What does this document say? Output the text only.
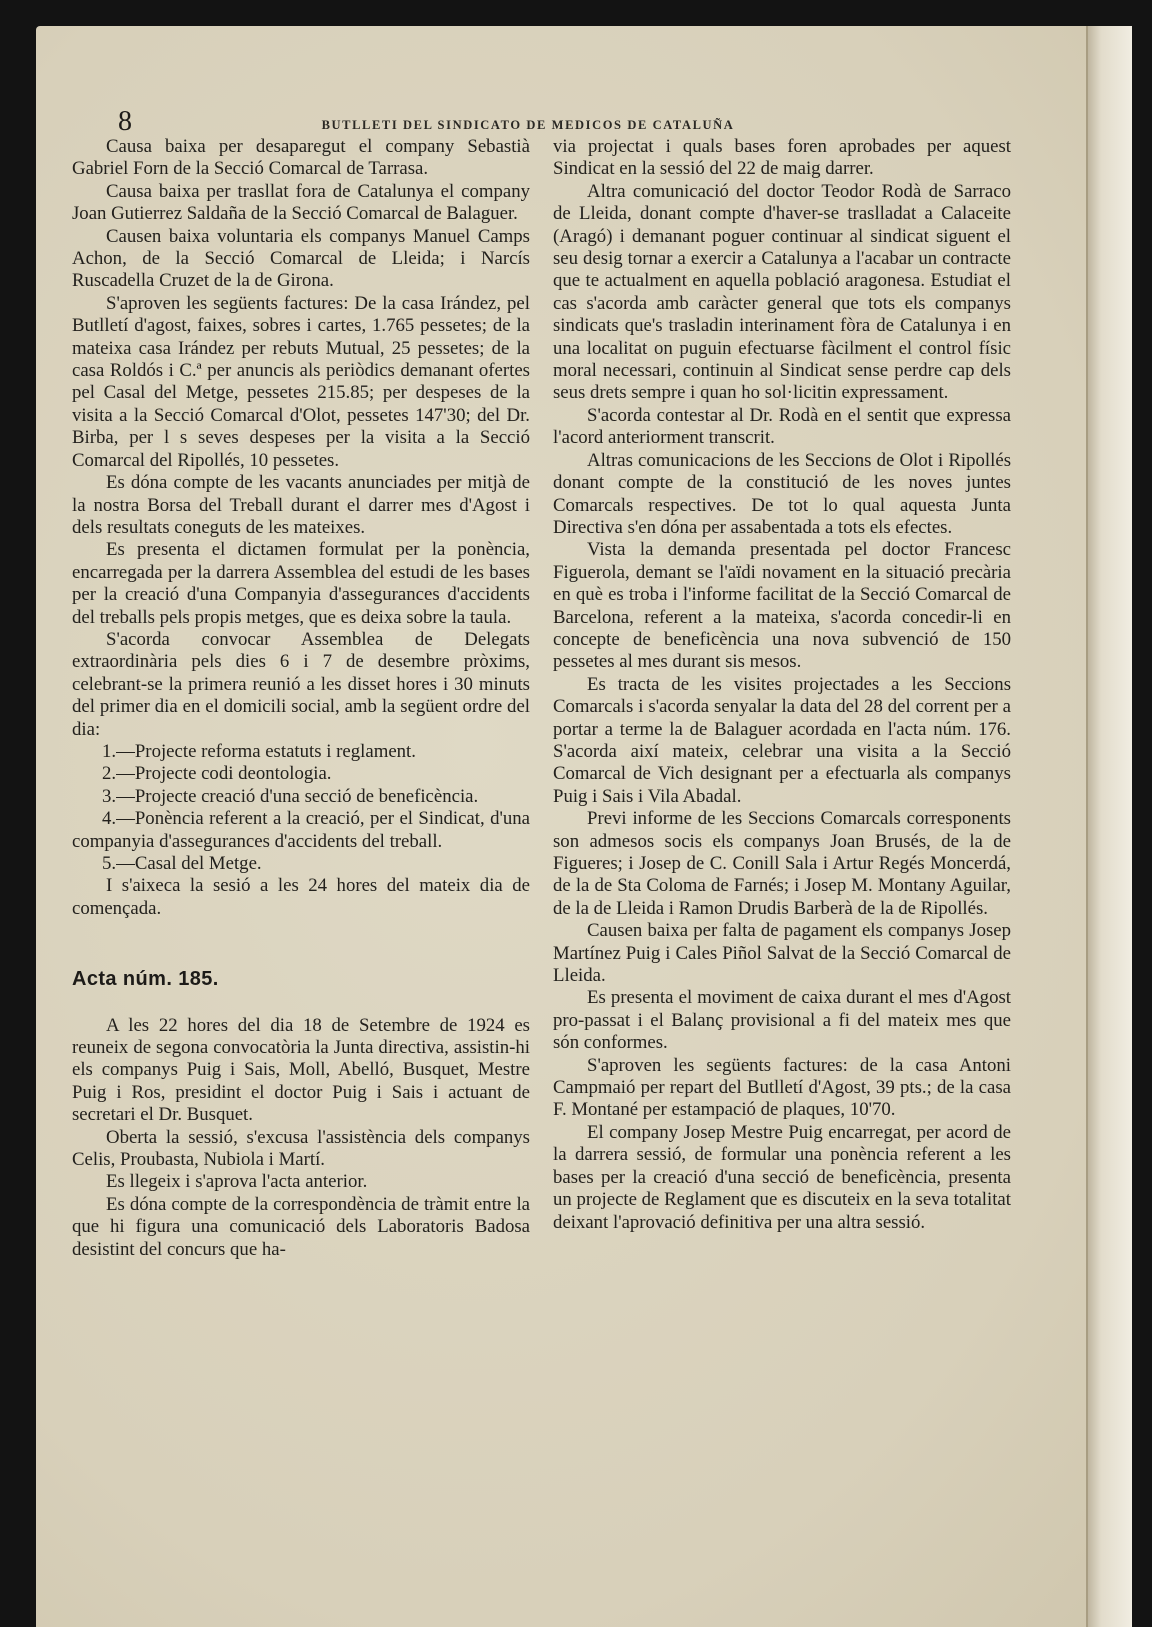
8	BUTLLETI DEL SINDICATO DE MEDICOS DE CATALUÑA

Causa baixa per desaparegut el company Sebastià Gabriel Forn de la Secció Comarcal de Tarrasa.

Causa baixa per trasllat fora de Catalunya el company Joan Gutierrez Saldaña de la Secció Comarcal de Balaguer.

Causen baixa voluntaria els companys Manuel Camps Achon, de la Secció Comarcal de Lleida; i Narcís Ruscadella Cruzet de la de Girona.

S'aproven les següents factures: De la casa Irández, pel Butlletí d'agost, faixes, sobres i cartes, 1.765 pessetes; de la mateixa casa Irández per rebuts Mutual, 25 pessetes; de la casa Roldós i C.ª per anuncis als periòdics demanant ofertes pel Casal del Metge, pessetes 215.85; per despeses de la visita a la Secció Comarcal d'Olot, pessetes 147'30; del Dr. Birba, per l s seves despeses per la visita a la Secció Comarcal del Ripollés, 10 pessetes.

Es dóna compte de les vacants anunciades per mitjà de la nostra Borsa del Treball durant el darrer mes d'Agost i dels resultats coneguts de les mateixes.

Es presenta el dictamen formulat per la ponència, encarregada per la darrera Assemblea del estudi de les bases per la creació d'una Companyia d'assegurances d'accidents del treballs pels propis metges, que es deixa sobre la taula.

S'acorda convocar Assemblea de Delegats extraordinària pels dies 6 i 7 de desembre pròxims, celebrant-se la primera reunió a les disset hores i 30 minuts del primer dia en el domicili social, amb la següent ordre del dia:

1.—Projecte reforma estatuts i reglament.

2.—Projecte codi deontologia.

3.—Projecte creació d'una secció de beneficència.

4.—Ponència referent a la creació, per el Sindicat, d'una companyia d'assegurances d'accidents del treball.

5.—Casal del Metge.

I s'aixeca la sesió a les 24 hores del mateix dia de començada.

Acta núm. 185.

A les 22 hores del dia 18 de Setembre de 1924 es reuneix de segona convocatòria la Junta directiva, assistin-hi els companys Puig i Sais, Moll, Abelló, Busquet, Mestre Puig i Ros, presidint el doctor Puig i Sais i actuant de secretari el Dr. Busquet.

Oberta la sessió, s'excusa l'assistència dels companys Celis, Proubasta, Nubiola i Martí.

Es llegeix i s'aprova l'acta anterior.

Es dóna compte de la correspondència de tràmit entre la que hi figura una comunicació dels Laboratoris Badosa desistint del concurs que ha-

via projectat i quals bases foren aprobades per aquest Sindicat en la sessió del 22 de maig darrer.

Altra comunicació del doctor Teodor Rodà de Sarraco de Lleida, donant compte d'haver-se traslladat a Calaceite (Aragó) i demanant poguer continuar al sindicat siguent el seu desig tornar a exercir a Catalunya a l'acabar un contracte que te actualment en aquella població aragonesa. Estudiat el cas s'acorda amb caràcter general que tots els companys sindicats que's trasladin interinament fòra de Catalunya i en una localitat on puguin efectuarse fàcilment el control físic moral necessari, continuin al Sindicat sense perdre cap dels seus drets sempre i quan ho sol·licitin expressament.

S'acorda contestar al Dr. Rodà en el sentit que expressa l'acord anteriorment transcrit.

Altras comunicacions de les Seccions de Olot i Ripollés donant compte de la constitució de les noves juntes Comarcals respectives. De tot lo qual aquesta Junta Directiva s'en dóna per assabentada a tots els efectes.

Vista la demanda presentada pel doctor Francesc Figuerola, demant se l'aïdi novament en la situació precària en què es troba i l'informe facilitat de la Secció Comarcal de Barcelona, referent a la mateixa, s'acorda concedir-li en concepte de beneficència una nova subvenció de 150 pessetes al mes durant sis mesos.

Es tracta de les visites projectades a les Seccions Comarcals i s'acorda senyalar la data del 28 del corrent per a portar a terme la de Balaguer acordada en l'acta núm. 176. S'acorda així mateix, celebrar una visita a la Secció Comarcal de Vich designant per a efectuarla als companys Puig i Sais i Vila Abadal.

Previ informe de les Seccions Comarcals corresponents son admesos socis els companys Joan Brusés, de la de Figueres; i Josep de C. Conill Sala i Artur Regés Moncerdá, de la de Sta Coloma de Farnés; i Josep M. Montany Aguilar, de la de Lleida i Ramon Drudis Barberà de la de Ripollés.

Causen baixa per falta de pagament els companys Josep Martínez Puig i Cales Piñol Salvat de la Secció Comarcal de Lleida.

Es presenta el moviment de caixa durant el mes d'Agost pro-passat i el Balanç provisional a fi del mateix mes que són conformes.

S'aproven les següents factures: de la casa Antoni Campmaió per repart del Butlletí d'Agost, 39 pts.; de la casa F. Montané per estampació de plaques, 10'70.

El company Josep Mestre Puig encarregat, per acord de la darrera sessió, de formular una ponència referent a les bases per la creació d'una secció de beneficència, presenta un projecte de Reglament que es discuteix en la seva totalitat deixant l'aprovació definitiva per una altra sessió.
